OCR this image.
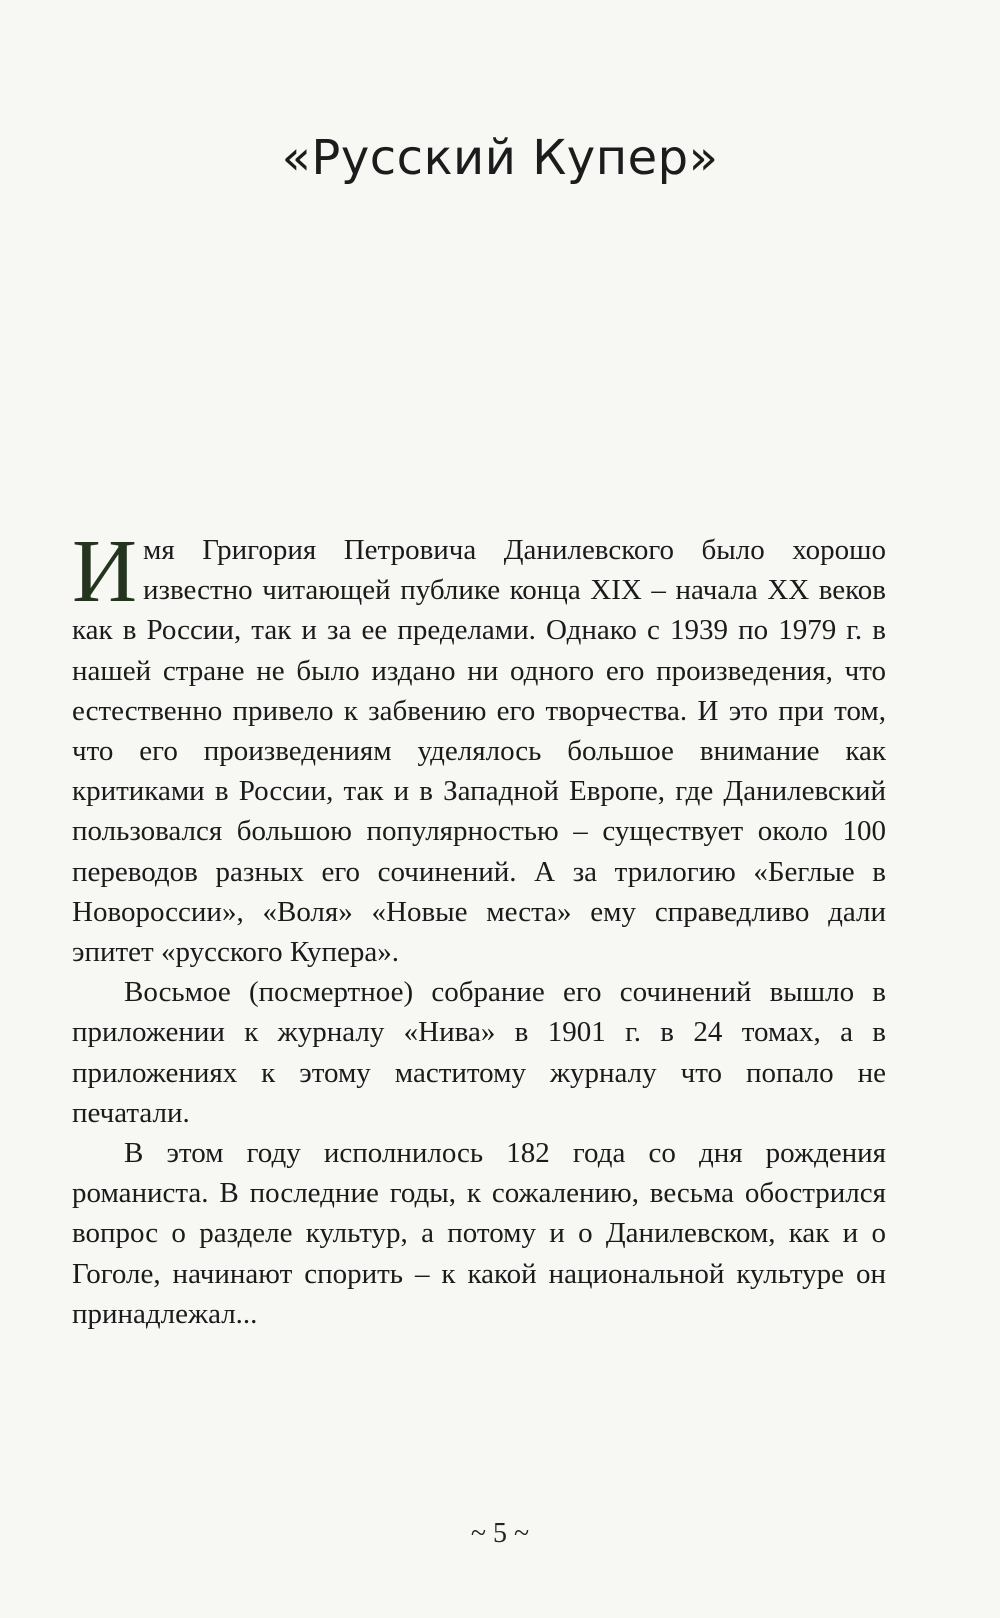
«Русский Купер»

Имя Григория Петровича Данилевского было хорошо известно читающей публике конца XIX – начала XX веков как в России, так и за ее пределами. Однако с 1939 по 1979 г. в нашей стране не было издано ни одного его произведения, что естественно привело к забвению его творчества. И это при том, что его произведениям уделялось большое внимание как критиками в России, так и в Западной Европе, где Данилевский пользовался большою популярностью – существует около 100 переводов разных его сочинений. А за трилогию «Беглые в Новороссии», «Воля» «Новые места» ему справедливо дали эпитет «русского Купера».

Восьмое (посмертное) собрание его сочинений вышло в приложении к журналу «Нива» в 1901 г. в 24 томах, а в приложениях к этому маститому журналу что попало не печатали.

В этом году исполнилось 182 года со дня рождения романиста. В последние годы, к сожалению, весьма обострился вопрос о разделе культур, а потому и о Данилевском, как и о Гоголе, начинают спорить – к какой национальной культуре он принадлежал...

~ 5 ~
